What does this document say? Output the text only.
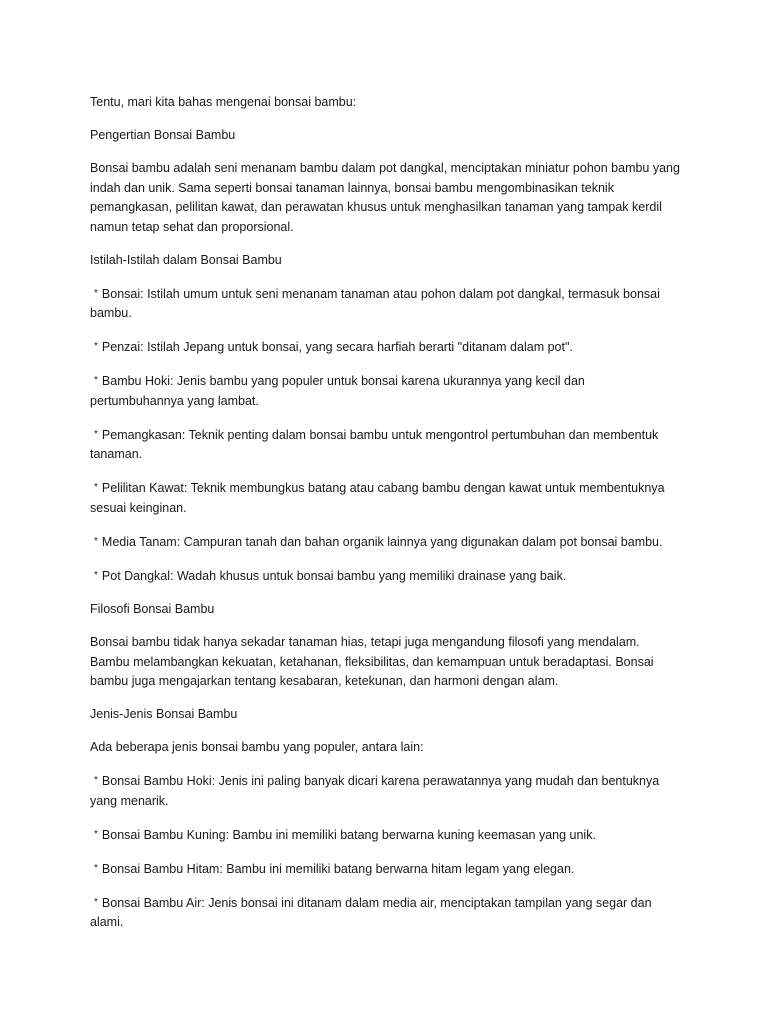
Tentu, mari kita bahas mengenai bonsai bambu:

Pengertian Bonsai Bambu

Bonsai bambu adalah seni menanam bambu dalam pot dangkal, menciptakan miniatur pohon bambu yang indah dan unik. Sama seperti bonsai tanaman lainnya, bonsai bambu mengombinasikan teknik pemangkasan, pelilitan kawat, dan perawatan khusus untuk menghasilkan tanaman yang tampak kerdil namun tetap sehat dan proporsional.

Istilah-Istilah dalam Bonsai Bambu

* Bonsai: Istilah umum untuk seni menanam tanaman atau pohon dalam pot dangkal, termasuk bonsai bambu.

* Penzai: Istilah Jepang untuk bonsai, yang secara harfiah berarti "ditanam dalam pot".

* Bambu Hoki: Jenis bambu yang populer untuk bonsai karena ukurannya yang kecil dan pertumbuhannya yang lambat.

* Pemangkasan: Teknik penting dalam bonsai bambu untuk mengontrol pertumbuhan dan membentuk tanaman.

* Pelilitan Kawat: Teknik membungkus batang atau cabang bambu dengan kawat untuk membentuknya sesuai keinginan.

* Media Tanam: Campuran tanah dan bahan organik lainnya yang digunakan dalam pot bonsai bambu.

* Pot Dangkal: Wadah khusus untuk bonsai bambu yang memiliki drainase yang baik.

Filosofi Bonsai Bambu

Bonsai bambu tidak hanya sekadar tanaman hias, tetapi juga mengandung filosofi yang mendalam. Bambu melambangkan kekuatan, ketahanan, fleksibilitas, dan kemampuan untuk beradaptasi. Bonsai bambu juga mengajarkan tentang kesabaran, ketekunan, dan harmoni dengan alam.

Jenis-Jenis Bonsai Bambu

Ada beberapa jenis bonsai bambu yang populer, antara lain:

* Bonsai Bambu Hoki: Jenis ini paling banyak dicari karena perawatannya yang mudah dan bentuknya yang menarik.

* Bonsai Bambu Kuning: Bambu ini memiliki batang berwarna kuning keemasan yang unik.

* Bonsai Bambu Hitam: Bambu ini memiliki batang berwarna hitam legam yang elegan.

* Bonsai Bambu Air: Jenis bonsai ini ditanam dalam media air, menciptakan tampilan yang segar dan alami.
